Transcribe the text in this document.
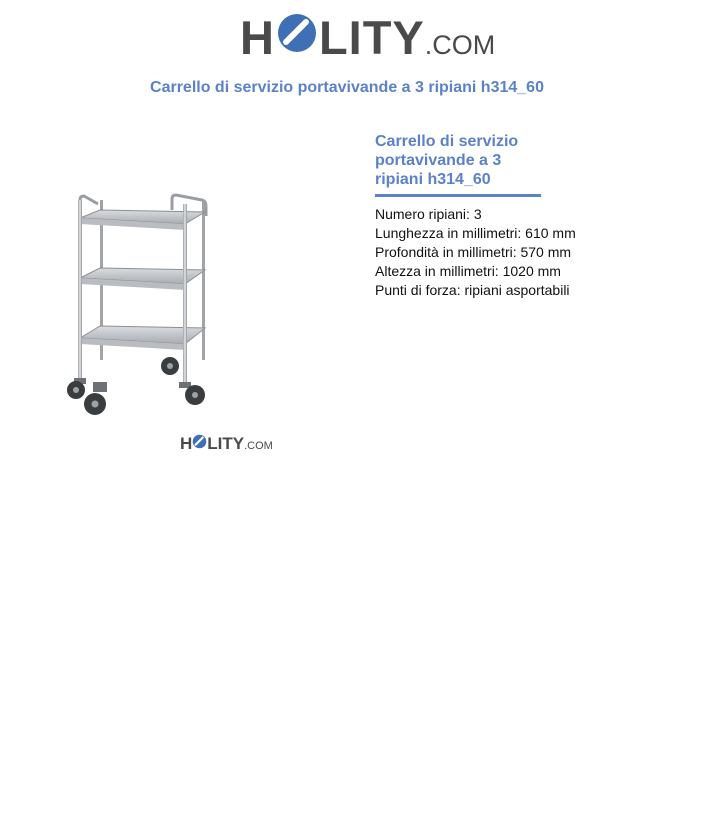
H LITY .COM
Carrello di servizio portavivande a 3 ripiani h314_60
H LITY .COM
Carrello di servizio portavivande a 3 ripiani h314_60
Numero ripiani: 3
Lunghezza in millimetri: 610 mm
Profondità in millimetri: 570 mm
Altezza in millimetri: 1020 mm
Punti di forza: ripiani asportabili
